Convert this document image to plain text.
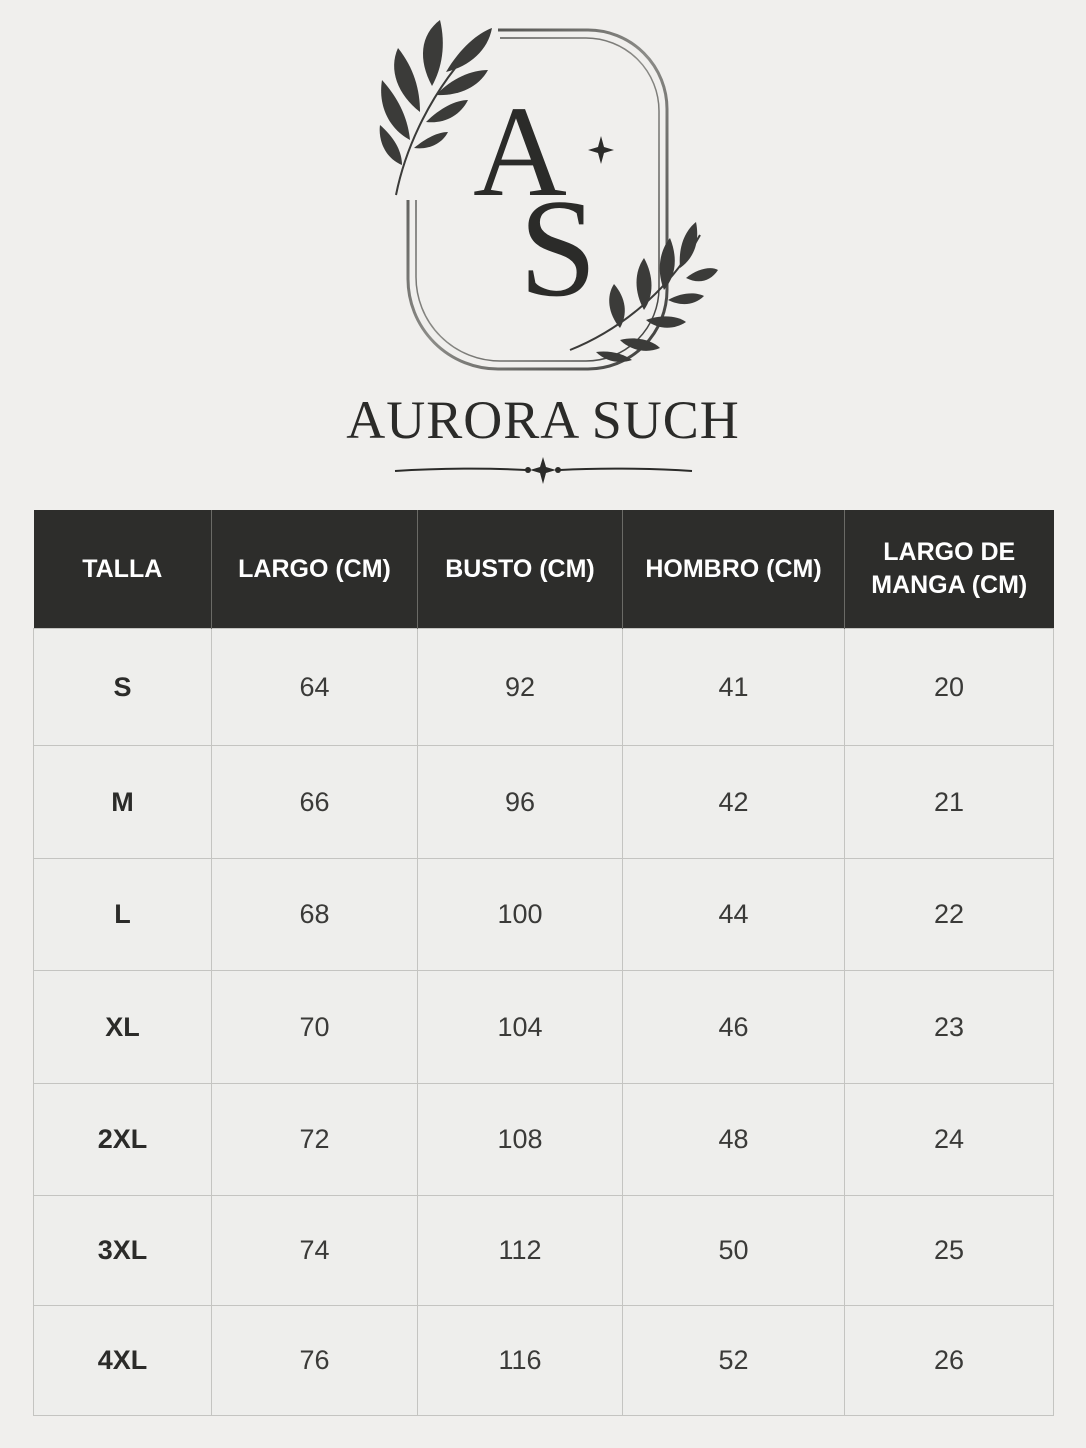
A
S
AURORA SUCH
TALLA	LARGO (CM)	BUSTO (CM)	HOMBRO (CM)	LARGO DE MANGA (CM)
S	64	92	41	20
M	66	96	42	21
L	68	100	44	22
XL	70	104	46	23
2XL	72	108	48	24
3XL	74	112	50	25
4XL	76	116	52	26
